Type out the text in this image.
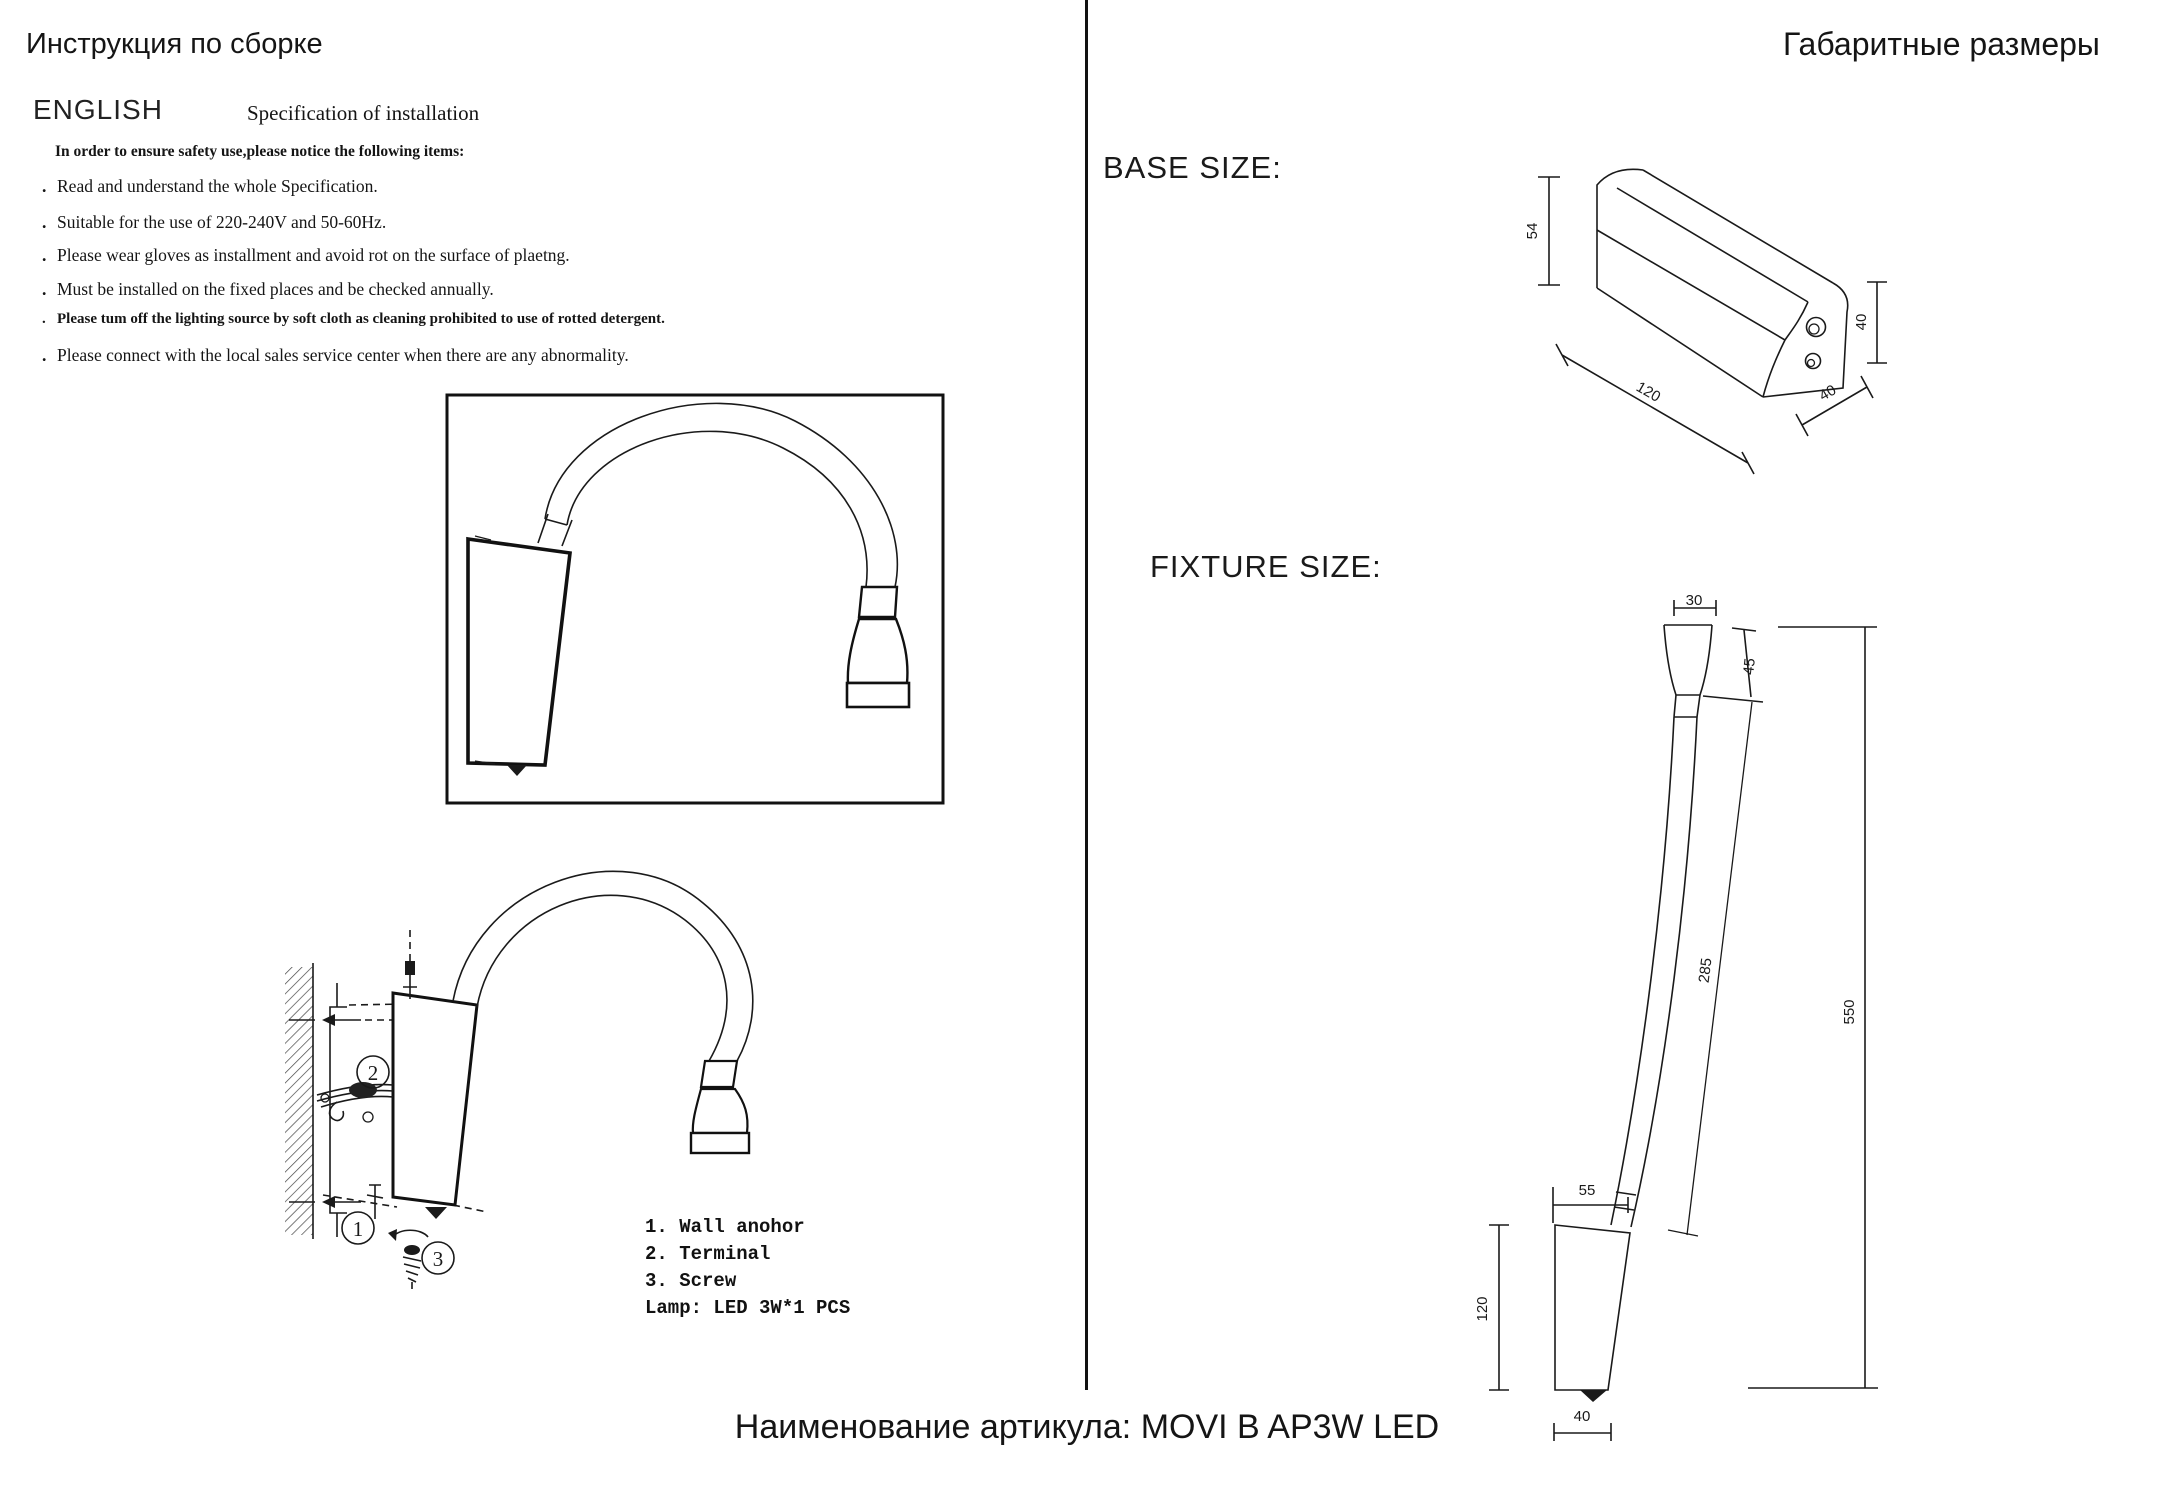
Инструкция по сборке	Габаритные размеры
ENGLISH	Specification of installation
In order to ensure safety use,please notice the following items:
. Read and understand the whole Specification.
. Suitable for the use of 220-240V and 50-60Hz.
. Please wear gloves as installment and avoid rot on the surface of plaetng.
. Must be installed on the fixed places and be checked annually.
. Please tum off the lighting source by soft cloth as cleaning prohibited to use of rotted detergent.
. Please connect with the local sales service center when there are any abnormality.
2
1
3
1. Wall anohor
2. Terminal
3. Screw
Lamp: LED 3W*1 PCS
BASE SIZE:
FIXTURE SIZE:
54
40
120	40
30
45
285
550
55
120
40
Наименование артикула: MOVI B AP3W LED
